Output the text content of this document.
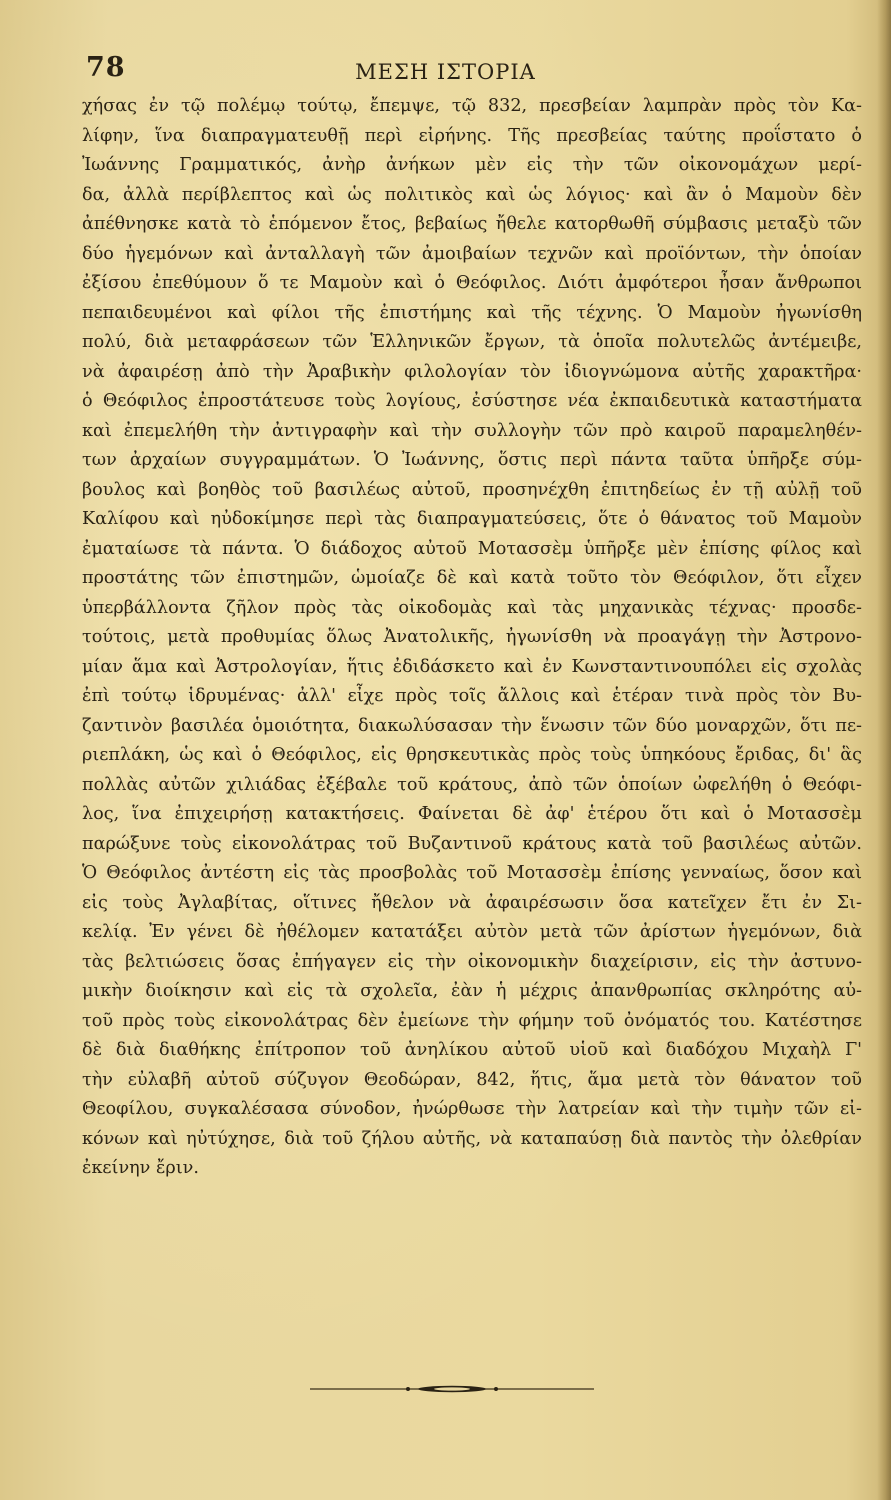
78	ΜΕΣΗ ΙΣΤΟΡΙΑ
χήσας ἐν τῷ πολέμῳ τούτῳ, ἔπεμψε, τῷ 832, πρεσβείαν λαμπρὰν πρὸς τὸν Κα-
λίφην, ἵνα διαπραγματευθῇ περὶ εἰρήνης. Τῆς πρεσβείας ταύτης προΐστατο ὁ
Ἰωάννης Γραμματικός, ἀνὴρ ἀνήκων μὲν εἰς τὴν τῶν οἰκονομάχων μερί-
δα, ἀλλὰ περίβλεπτος καὶ ὡς πολιτικὸς καὶ ὡς λόγιος· καὶ ἂν ὁ Μαμοὺν δὲν
ἀπέθνησκε κατὰ τὸ ἑπόμενον ἔτος, βεβαίως ἤθελε κατορθωθῆ σύμβασις μεταξὺ τῶν
δύο ἡγεμόνων καὶ ἀνταλλαγὴ τῶν ἀμοιβαίων τεχνῶν καὶ προϊόντων, τὴν ὁποίαν
ἐξίσου ἐπεθύμουν ὅ τε Μαμοὺν καὶ ὁ Θεόφιλος. Διότι ἀμφότεροι ἦσαν ἄνθρωποι
πεπαιδευμένοι καὶ φίλοι τῆς ἐπιστήμης καὶ τῆς τέχνης. Ὁ Μαμοὺν ἠγωνίσθη
πολύ, διὰ μεταφράσεων τῶν Ἑλληνικῶν ἔργων, τὰ ὁποῖα πολυτελῶς ἀντέμειβε,
νὰ ἀφαιρέσῃ ἀπὸ τὴν Ἀραβικὴν φιλολογίαν τὸν ἰδιογνώμονα αὐτῆς χαρακτῆρα·
ὁ Θεόφιλος ἐπροστάτευσε τοὺς λογίους, ἐσύστησε νέα ἐκπαιδευτικὰ καταστήματα
καὶ ἐπεμελήθη τὴν ἀντιγραφὴν καὶ τὴν συλλογὴν τῶν πρὸ καιροῦ παραμεληθέν-
των ἀρχαίων συγγραμμάτων. Ὁ Ἰωάννης, ὅστις περὶ πάντα ταῦτα ὑπῆρξε σύμ-
βουλος καὶ βοηθὸς τοῦ βασιλέως αὐτοῦ, προσηνέχθη ἐπιτηδείως ἐν τῇ αὐλῇ τοῦ
Καλίφου καὶ ηὐδοκίμησε περὶ τὰς διαπραγματεύσεις, ὅτε ὁ θάνατος τοῦ Μαμοὺν
ἐματαίωσε τὰ πάντα. Ὁ διάδοχος αὐτοῦ Μοτασσὲμ ὑπῆρξε μὲν ἐπίσης φίλος καὶ
προστάτης τῶν ἐπιστημῶν, ὡμοίαζε δὲ καὶ κατὰ τοῦτο τὸν Θεόφιλον, ὅτι εἶχεν
ὑπερβάλλοντα ζῆλον πρὸς τὰς οἰκοδομὰς καὶ τὰς μηχανικὰς τέχνας· προσδε-
τούτοις, μετὰ προθυμίας ὅλως Ἀνατολικῆς, ἠγωνίσθη νὰ προαγάγῃ τὴν Ἀστρονο-
μίαν ἅμα καὶ Ἀστρολογίαν, ἥτις ἐδιδάσκετο καὶ ἐν Κωνσταντινουπόλει εἰς σχολὰς
ἐπὶ τούτῳ ἱδρυμένας· ἀλλ' εἶχε πρὸς τοῖς ἄλλοις καὶ ἑτέραν τινὰ πρὸς τὸν Βυ-
ζαντινὸν βασιλέα ὁμοιότητα, διακωλύσασαν τὴν ἕνωσιν τῶν δύο μοναρχῶν, ὅτι πε-
ριεπλάκη, ὡς καὶ ὁ Θεόφιλος, εἰς θρησκευτικὰς πρὸς τοὺς ὑπηκόους ἔριδας, δι' ἃς
πολλὰς αὐτῶν χιλιάδας ἐξέβαλε τοῦ κράτους, ἀπὸ τῶν ὁποίων ὠφελήθη ὁ Θεόφι-
λος, ἵνα ἐπιχειρήσῃ κατακτήσεις. Φαίνεται δὲ ἀφ' ἑτέρου ὅτι καὶ ὁ Μοτασσὲμ
παρώξυνε τοὺς εἰκονολάτρας τοῦ Βυζαντινοῦ κράτους κατὰ τοῦ βασιλέως αὐτῶν.
Ὁ Θεόφιλος ἀντέστη εἰς τὰς προσβολὰς τοῦ Μοτασσὲμ ἐπίσης γενναίως, ὅσον καὶ
εἰς τοὺς Ἀγλαβίτας, οἵτινες ἤθελον νὰ ἀφαιρέσωσιν ὅσα κατεῖχεν ἔτι ἐν Σι-
κελίᾳ. Ἐν γένει δὲ ἠθέλομεν κατατάξει αὐτὸν μετὰ τῶν ἀρίστων ἡγεμόνων, διὰ
τὰς βελτιώσεις ὅσας ἐπήγαγεν εἰς τὴν οἰκονομικὴν διαχείρισιν, εἰς τὴν ἀστυνο-
μικὴν διοίκησιν καὶ εἰς τὰ σχολεῖα, ἐὰν ἡ μέχρις ἀπανθρωπίας σκληρότης αὐ-
τοῦ πρὸς τοὺς εἰκονολάτρας δὲν ἐμείωνε τὴν φήμην τοῦ ὀνόματός του. Κατέστησε
δὲ διὰ διαθήκης ἐπίτροπον τοῦ ἀνηλίκου αὐτοῦ υἱοῦ καὶ διαδόχου Μιχαὴλ Γ'
τὴν εὐλαβῆ αὐτοῦ σύζυγον Θεοδώραν, 842, ἥτις, ἅμα μετὰ τὸν θάνατον τοῦ
Θεοφίλου, συγκαλέσασα σύνοδον, ἠνώρθωσε τὴν λατρείαν καὶ τὴν τιμὴν τῶν εἰ-
κόνων καὶ ηὐτύχησε, διὰ τοῦ ζήλου αὐτῆς, νὰ καταπαύσῃ διὰ παντὸς τὴν ὀλεθρίαν
ἐκείνην ἔριν.
